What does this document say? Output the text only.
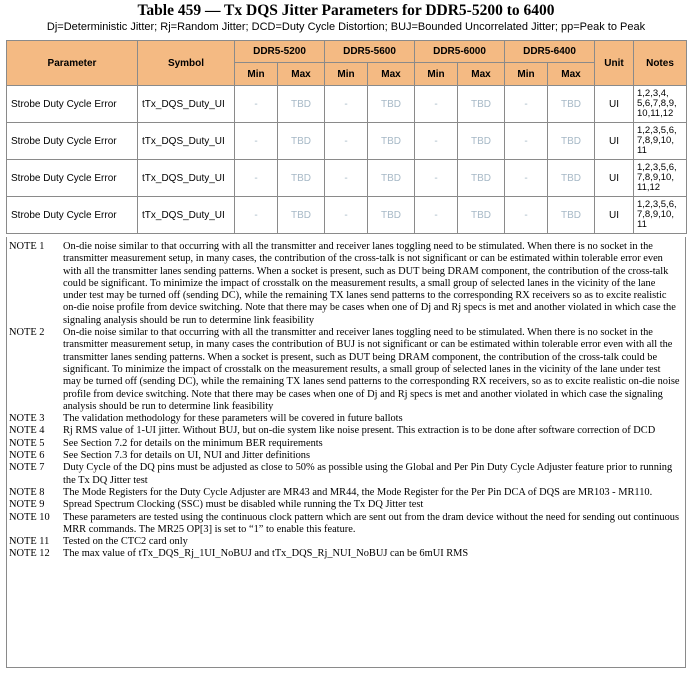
Table 459 — Tx DQS Jitter Parameters for DDR5-5200 to 6400
Dj=Deterministic Jitter; Rj=Random Jitter; DCD=Duty Cycle Distortion; BUJ=Bounded Uncorrelated Jitter; pp=Peak to Peak
Parameter	Symbol	DDR5-5200		DDR5-5600		DDR5-6000		DDR5-6400		Unit	Notes
		Min	Max	Min	Max	Min	Max	Min	Max		
Strobe Duty Cycle Error	tTx_DQS_Duty_UI	-	TBD	-	TBD	-	TBD	-	TBD	UI	1,2,3,4, 5,6,7,8,9, 10,11,12
Strobe Duty Cycle Error	tTx_DQS_Duty_UI	-	TBD	-	TBD	-	TBD	-	TBD	UI	1,2,3,5,6, 7,8,9,10, 11
Strobe Duty Cycle Error	tTx_DQS_Duty_UI	-	TBD	-	TBD	-	TBD	-	TBD	UI	1,2,3,5,6, 7,8,9,10, 11,12
Strobe Duty Cycle Error	tTx_DQS_Duty_UI	-	TBD	-	TBD	-	TBD	-	TBD	UI	1,2,3,5,6, 7,8,9,10, 11
NOTE 1	On-die noise similar to that occurring with all the transmitter and receiver lanes toggling need to be stimulated. When there is no socket in the transmitter measurement setup, in many cases, the contribution of the cross-talk is not significant or can be estimated within tolerable error even with all the transmitter lanes sending patterns. When a socket is present, such as DUT being DRAM component, the contribution of the cross-talk could be significant. To minimize the impact of crosstalk on the measurement results, a small group of selected lanes in the vicinity of the lane under test may be turned off (sending DC), while the remaining TX lanes send patterns to the corresponding RX receivers so as to excite realistic on-die noise profile from device switching. Note that there may be cases when one of Dj and Rj specs is met and another violated in which case the signaling analysis should be run to determine link feasibility
NOTE 2	On-die noise similar to that occurring with all the transmitter and receiver lanes toggling need to be stimulated. When there is no socket in the transmitter measurement setup, in many cases the contribution of BUJ is not significant or can be estimated within tolerable error even with all the transmitter lanes sending patterns. When a socket is present, such as DUT being DRAM component, the contribution of the cross-talk could be significant. To minimize the impact of crosstalk on the measurement results, a small group of selected lanes in the vicinity of the lane under test may be turned off (sending DC), while the remaining TX lanes send patterns to the corresponding RX receivers, so as to excite realistic on-die noise profile from device switching. Note that there may be cases when one of Dj and Rj specs is met and another violated in which case the signaling analysis should be run to determine link feasibility
NOTE 3	The validation methodology for these parameters will be covered in future ballots
NOTE 4	Rj RMS value of 1-UI jitter. Without BUJ, but on-die system like noise present. This extraction is to be done after software correction of DCD
NOTE 5	See Section 7.2 for details on the minimum BER requirements
NOTE 6	See Section 7.3 for details on UI, NUI and Jitter definitions
NOTE 7	Duty Cycle of the DQ pins must be adjusted as close to 50% as possible using the Global and Per Pin Duty Cycle Adjuster feature prior to running the Tx DQ Jitter test
NOTE 8	The Mode Registers for the Duty Cycle Adjuster are MR43 and MR44, the Mode Register for the Per Pin DCA of DQS are MR103 - MR110.
NOTE 9	Spread Spectrum Clocking (SSC) must be disabled while running the Tx DQ Jitter test
NOTE 10	These parameters are tested using the continuous clock pattern which are sent out from the dram device without the need for sending out continuous MRR commands. The MR25 OP[3] is set to “1” to enable this feature.
NOTE 11	Tested on the CTC2 card only
NOTE 12	The max value of tTx_DQS_Rj_1UI_NoBUJ and tTx_DQS_Rj_NUI_NoBUJ can be 6mUI RMS
